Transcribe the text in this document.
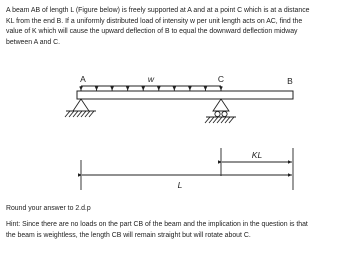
A beam AB of length L (Figure below) is freely supported at A and at a point C which is at a distance
KL from the end B. If a uniformly distributed load of intensity w per unit length acts on AC, find the
value of K which will cause the upward deflection of B to equal the downward deflection midway
between A and C.
A	w	C	B
KL
L
Round your answer to 2.d.p
Hint: Since there are no loads on the part CB of the beam and the implication in the question is that
the beam is weightless, the length CB will remain straight but will rotate about C.
